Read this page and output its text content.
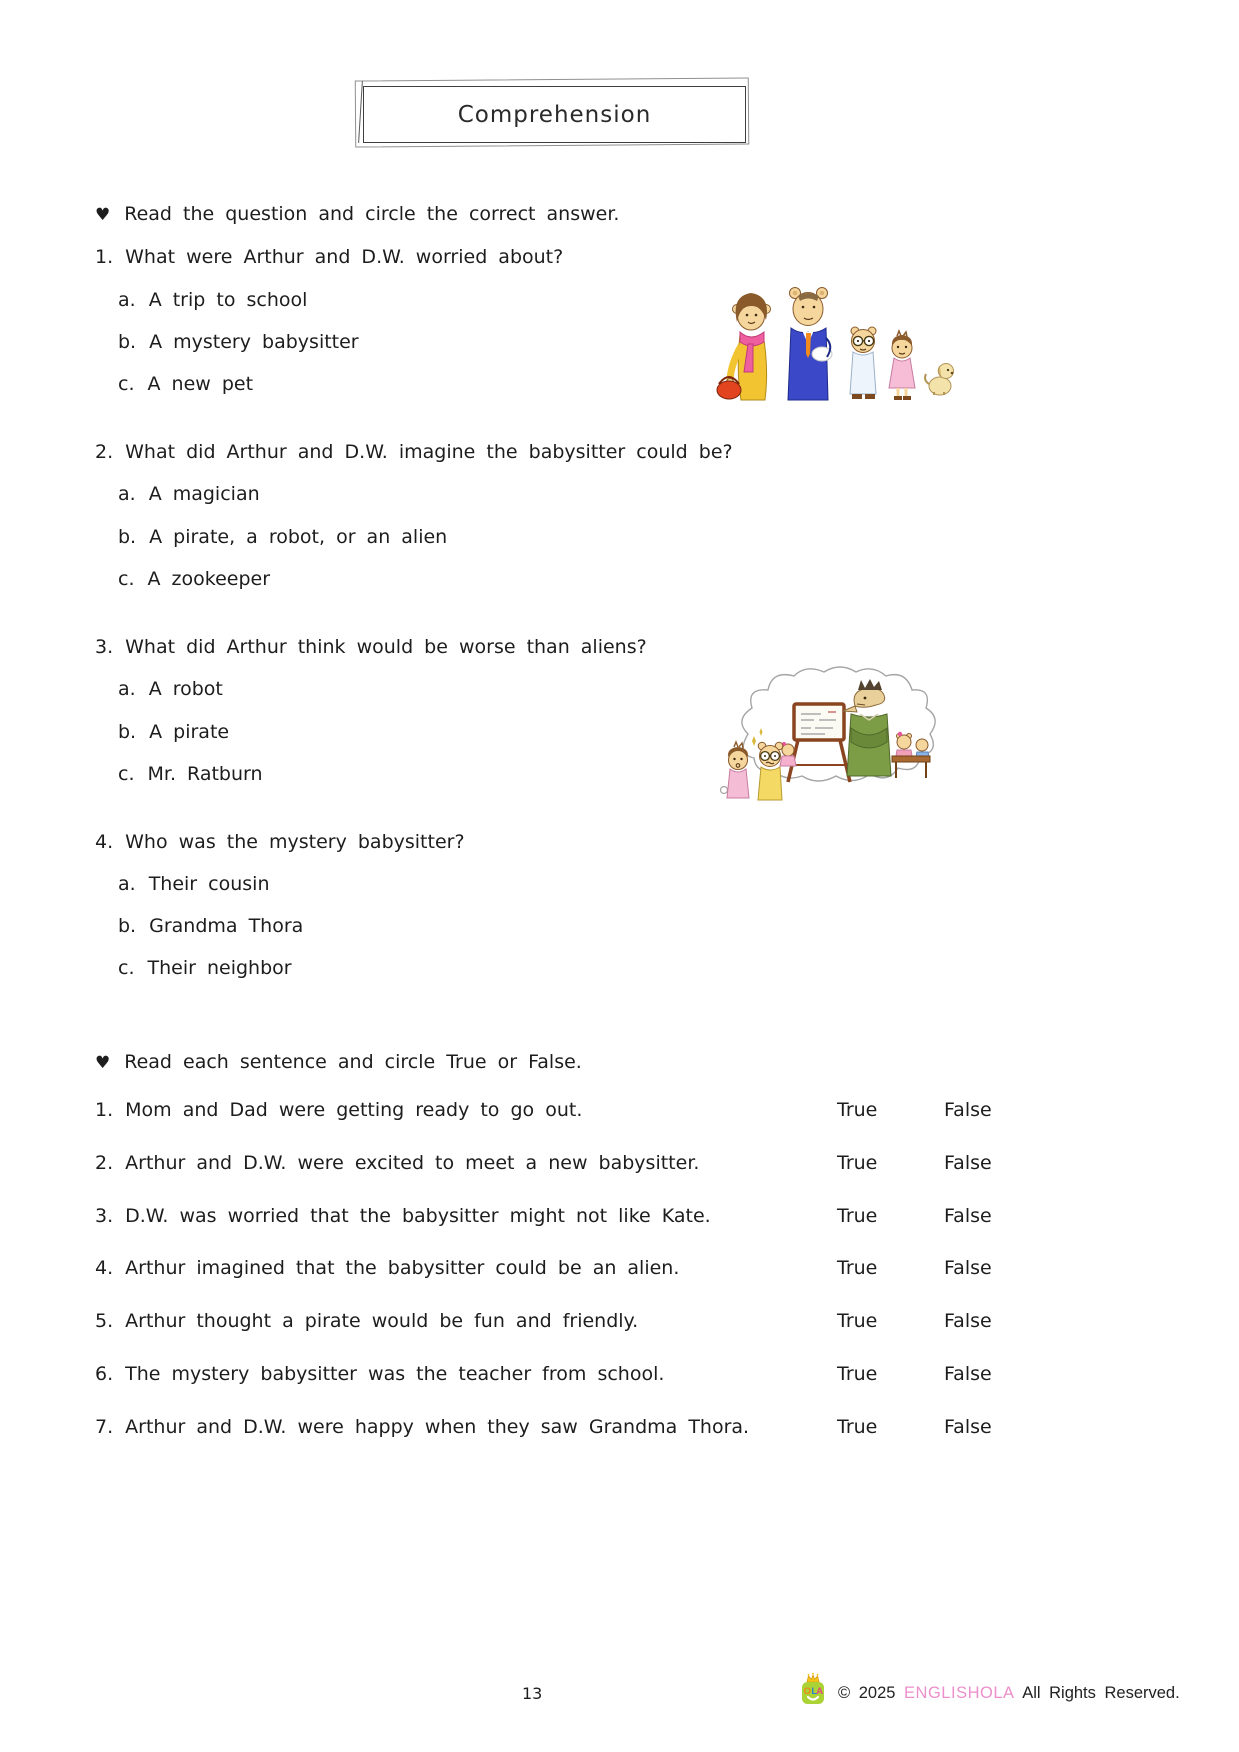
Comprehension
♥ Read the question and circle the correct answer.
1. What were Arthur and D.W. worried about?
a. A trip to school
b. A mystery babysitter
c. A new pet
2. What did Arthur and D.W. imagine the babysitter could be?
a. A magician
b. A pirate, a robot, or an alien
c. A zookeeper
3. What did Arthur think would be worse than aliens?
a. A robot
b. A pirate
c. Mr. Ratburn
4. Who was the mystery babysitter?
a. Their cousin
b. Grandma Thora
c. Their neighbor
♥ Read each sentence and circle True or False.
1. Mom and Dad were getting ready to go out.	True	False
2. Arthur and D.W. were excited to meet a new babysitter.	True	False
3. D.W. was worried that the babysitter might not like Kate.	True	False
4. Arthur imagined that the babysitter could be an alien.	True	False
5. Arthur thought a pirate would be fun and friendly.	True	False
6. The mystery babysitter was the teacher from school.	True	False
7. Arthur and D.W. were happy when they saw Grandma Thora.	True	False
13	O L
A © 2025 ENGLISHOLA All Rights Reserved.
